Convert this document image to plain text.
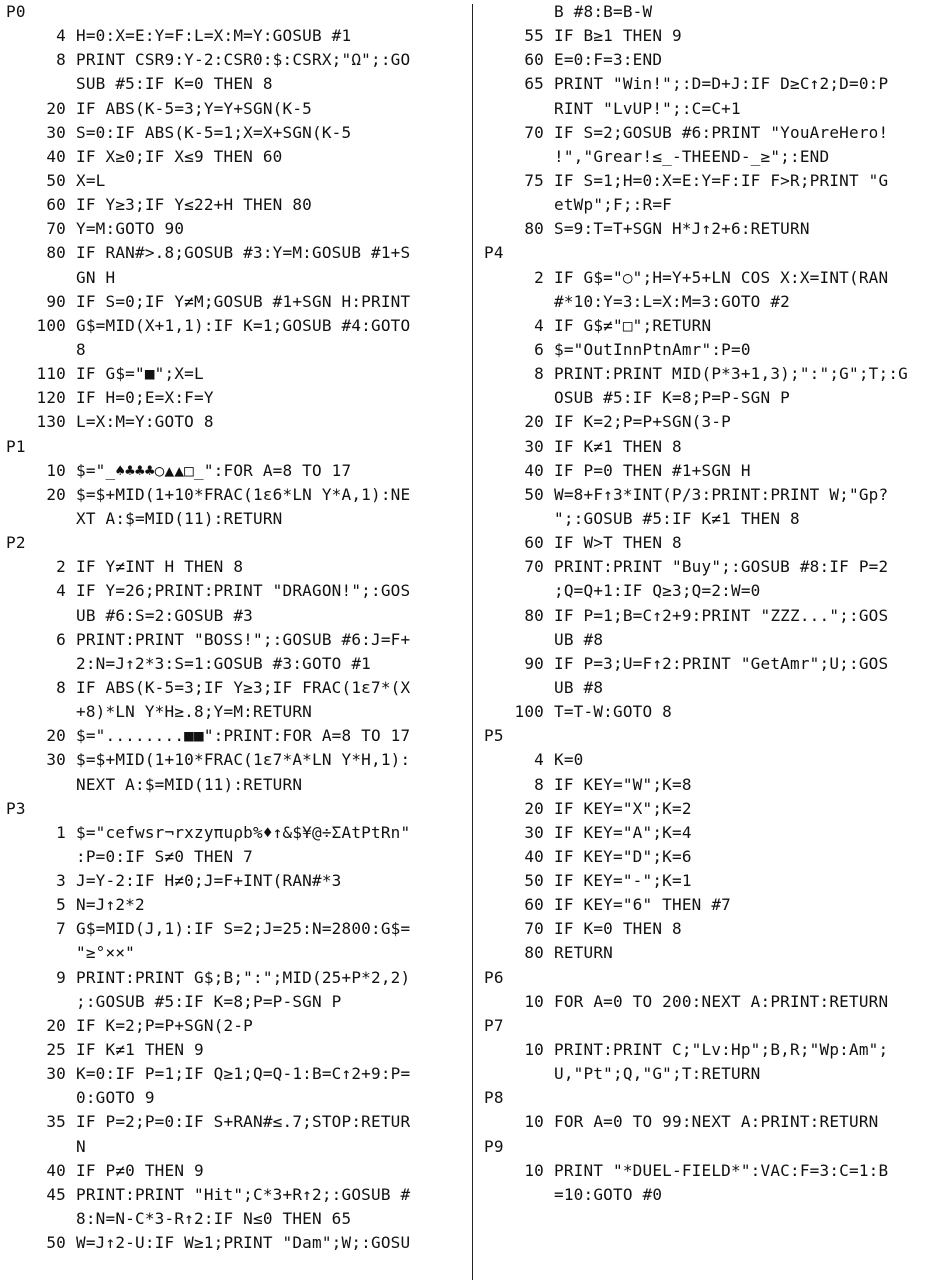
P0
4 H=0:X=E:Y=F:L=X:M=Y:GOSUB #1
8 PRINT CSR9:Y-2:CSR0:$:CSRX;"Ω";:GO
SUB #5:IF K=0 THEN 8
20 IF ABS(K-5=3;Y=Y+SGN(K-5
30 S=0:IF ABS(K-5=1;X=X+SGN(K-5
40 IF X≥0;IF X≤9 THEN 60
50 X=L
60 IF Y≥3;IF Y≤22+H THEN 80
70 Y=M:GOTO 90
80 IF RAN#>.8;GOSUB #3:Y=M:GOSUB #1+S
GN H
90 IF S=0;IF Y≠M;GOSUB #1+SGN H:PRINT
100 G$=MID(X+1,1):IF K=1;GOSUB #4:GOTO
8
110 IF G$="■";X=L
120 IF H=0;E=X:F=Y
130 L=X:M=Y:GOTO 8
P1
10 $="_♠♣♣♣○▲▲□_":FOR A=8 TO 17
20 $=$+MID(1+10*FRAC(1ε6*LN Y*A,1):NE
XT A:$=MID(11):RETURN
P2
2 IF Y≠INT H THEN 8
4 IF Y=26;PRINT:PRINT "DRAGON!";:GOS
UB #6:S=2:GOSUB #3
6 PRINT:PRINT "BOSS!";:GOSUB #6:J=F+
2:N=J↑2*3:S=1:GOSUB #3:GOTO #1
8 IF ABS(K-5=3;IF Y≥3;IF FRAC(1ε7*(X
+8)*LN Y*H≥.8;Y=M:RETURN
20 $="........■■":PRINT:FOR A=8 TO 17
30 $=$+MID(1+10*FRAC(1ε7*A*LN Y*H,1):
NEXT A:$=MID(11):RETURN
P3
1 $="cefwsr¬rxzyπuρb%♦↑&$¥@÷ΣAtPtRn"
:P=0:IF S≠0 THEN 7
3 J=Y-2:IF H≠0;J=F+INT(RAN#*3
5 N=J↑2*2
7 G$=MID(J,1):IF S=2;J=25:N=2800:G$=
"≥°××"
9 PRINT:PRINT G$;B;":";MID(25+P*2,2)
;:GOSUB #5:IF K=8;P=P-SGN P
20 IF K=2;P=P+SGN(2-P
25 IF K≠1 THEN 9
30 K=0:IF P=1;IF Q≥1;Q=Q-1:B=C↑2+9:P=
0:GOTO 9
35 IF P=2;P=0:IF S+RAN#≤.7;STOP:RETUR
N
40 IF P≠0 THEN 9
45 PRINT:PRINT "Hit";C*3+R↑2;:GOSUB #
8:N=N-C*3-R↑2:IF N≤0 THEN 65
50 W=J↑2-U:IF W≥1;PRINT "Dam";W;:GOSU
B #8:B=B-W
55 IF B≥1 THEN 9
60 E=0:F=3:END
65 PRINT "Win!";:D=D+J:IF D≥C↑2;D=0:P
RINT "LvUP!";:C=C+1
70 IF S=2;GOSUB #6:PRINT "YouAreHero!
!","Grear!≤_-THEEND-_≥";:END
75 IF S=1;H=0:X=E:Y=F:IF F>R;PRINT "G
etWp";F;:R=F
80 S=9:T=T+SGN H*J↑2+6:RETURN
P4
2 IF G$="○";H=Y+5+LN COS X:X=INT(RAN
#*10:Y=3:L=X:M=3:GOTO #2
4 IF G$≠"□";RETURN
6 $="OutInnPtnAmr":P=0
8 PRINT:PRINT MID(P*3+1,3);":";G";T;:G
OSUB #5:IF K=8;P=P-SGN P
20 IF K=2;P=P+SGN(3-P
30 IF K≠1 THEN 8
40 IF P=0 THEN #1+SGN H
50 W=8+F↑3*INT(P/3:PRINT:PRINT W;"Gp?
";:GOSUB #5:IF K≠1 THEN 8
60 IF W>T THEN 8
70 PRINT:PRINT "Buy";:GOSUB #8:IF P=2
;Q=Q+1:IF Q≥3;Q=2:W=0
80 IF P=1;B=C↑2+9:PRINT "ZZZ...";:GOS
UB #8
90 IF P=3;U=F↑2:PRINT "GetAmr";U;:GOS
UB #8
100 T=T-W:GOTO 8
P5
4 K=0
8 IF KEY="W";K=8
20 IF KEY="X";K=2
30 IF KEY="A";K=4
40 IF KEY="D";K=6
50 IF KEY="-";K=1
60 IF KEY="6" THEN #7
70 IF K=0 THEN 8
80 RETURN
P6
10 FOR A=0 TO 200:NEXT A:PRINT:RETURN
P7
10 PRINT:PRINT C;"Lv:Hp";B,R;"Wp:Am";
U,"Pt";Q,"G";T:RETURN
P8
10 FOR A=0 TO 99:NEXT A:PRINT:RETURN
P9
10 PRINT "*DUEL-FIELD*":VAC:F=3:C=1:B
=10:GOTO #0
